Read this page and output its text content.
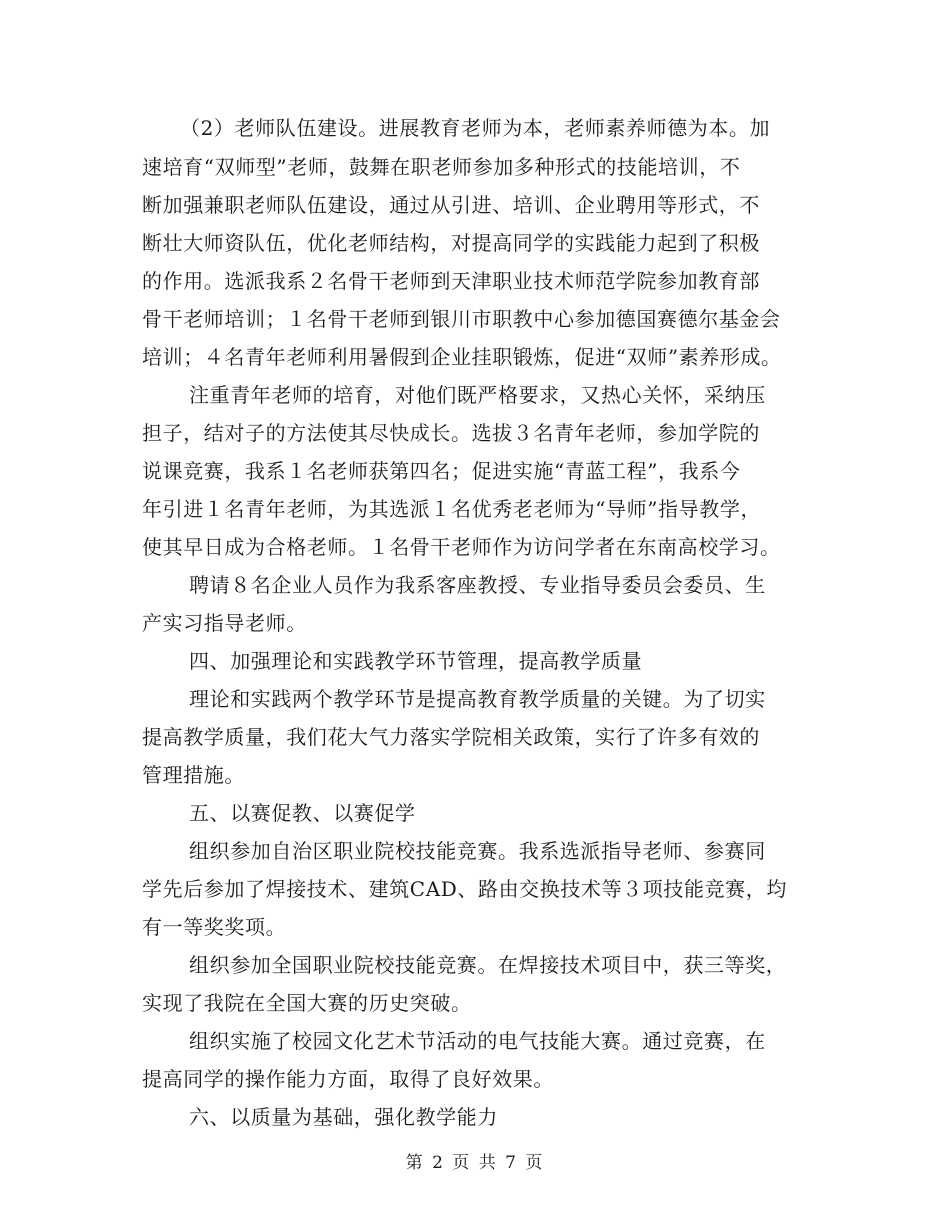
（2）老师队伍建设。进展教育老师为本，老师素养师德为本。加
速培育“双师型”老师，鼓舞在职老师参加多种形式的技能培训，不
断加强兼职老师队伍建设，通过从引进、培训、企业聘用等形式，不
断壮大师资队伍，优化老师结构，对提高同学的实践能力起到了积极
的作用。选派我系２名骨干老师到天津职业技术师范学院参加教育部
骨干老师培训；１名骨干老师到银川市职教中心参加德国赛德尔基金会
培训；４名青年老师利用暑假到企业挂职锻炼，促进“双师”素养形成。
注重青年老师的培育，对他们既严格要求，又热心关怀，采纳压
担子，结对子的方法使其尽快成长。选拔３名青年老师，参加学院的
说课竞赛，我系１名老师获第四名；促进实施“青蓝工程”，我系今
年引进１名青年老师，为其选派１名优秀老老师为“导师”指导教学，
使其早日成为合格老师。１名骨干老师作为访问学者在东南高校学习。
聘请８名企业人员作为我系客座教授、专业指导委员会委员、生
产实习指导老师。
四、加强理论和实践教学环节管理，提高教学质量
理论和实践两个教学环节是提高教育教学质量的关键。为了切实
提高教学质量，我们花大气力落实学院相关政策，实行了许多有效的
管理措施。
五、以赛促教、以赛促学
组织参加自治区职业院校技能竞赛。我系选派指导老师、参赛同
学先后参加了焊接技术、建筑CAD、路由交换技术等３项技能竞赛，均
有一等奖奖项。
组织参加全国职业院校技能竞赛。在焊接技术项目中，获三等奖，
实现了我院在全国大赛的历史突破。
组织实施了校园文化艺术节活动的电气技能大赛。通过竞赛，在
提高同学的操作能力方面，取得了良好效果。
六、以质量为基础，强化教学能力
第 2 页 共 7 页
